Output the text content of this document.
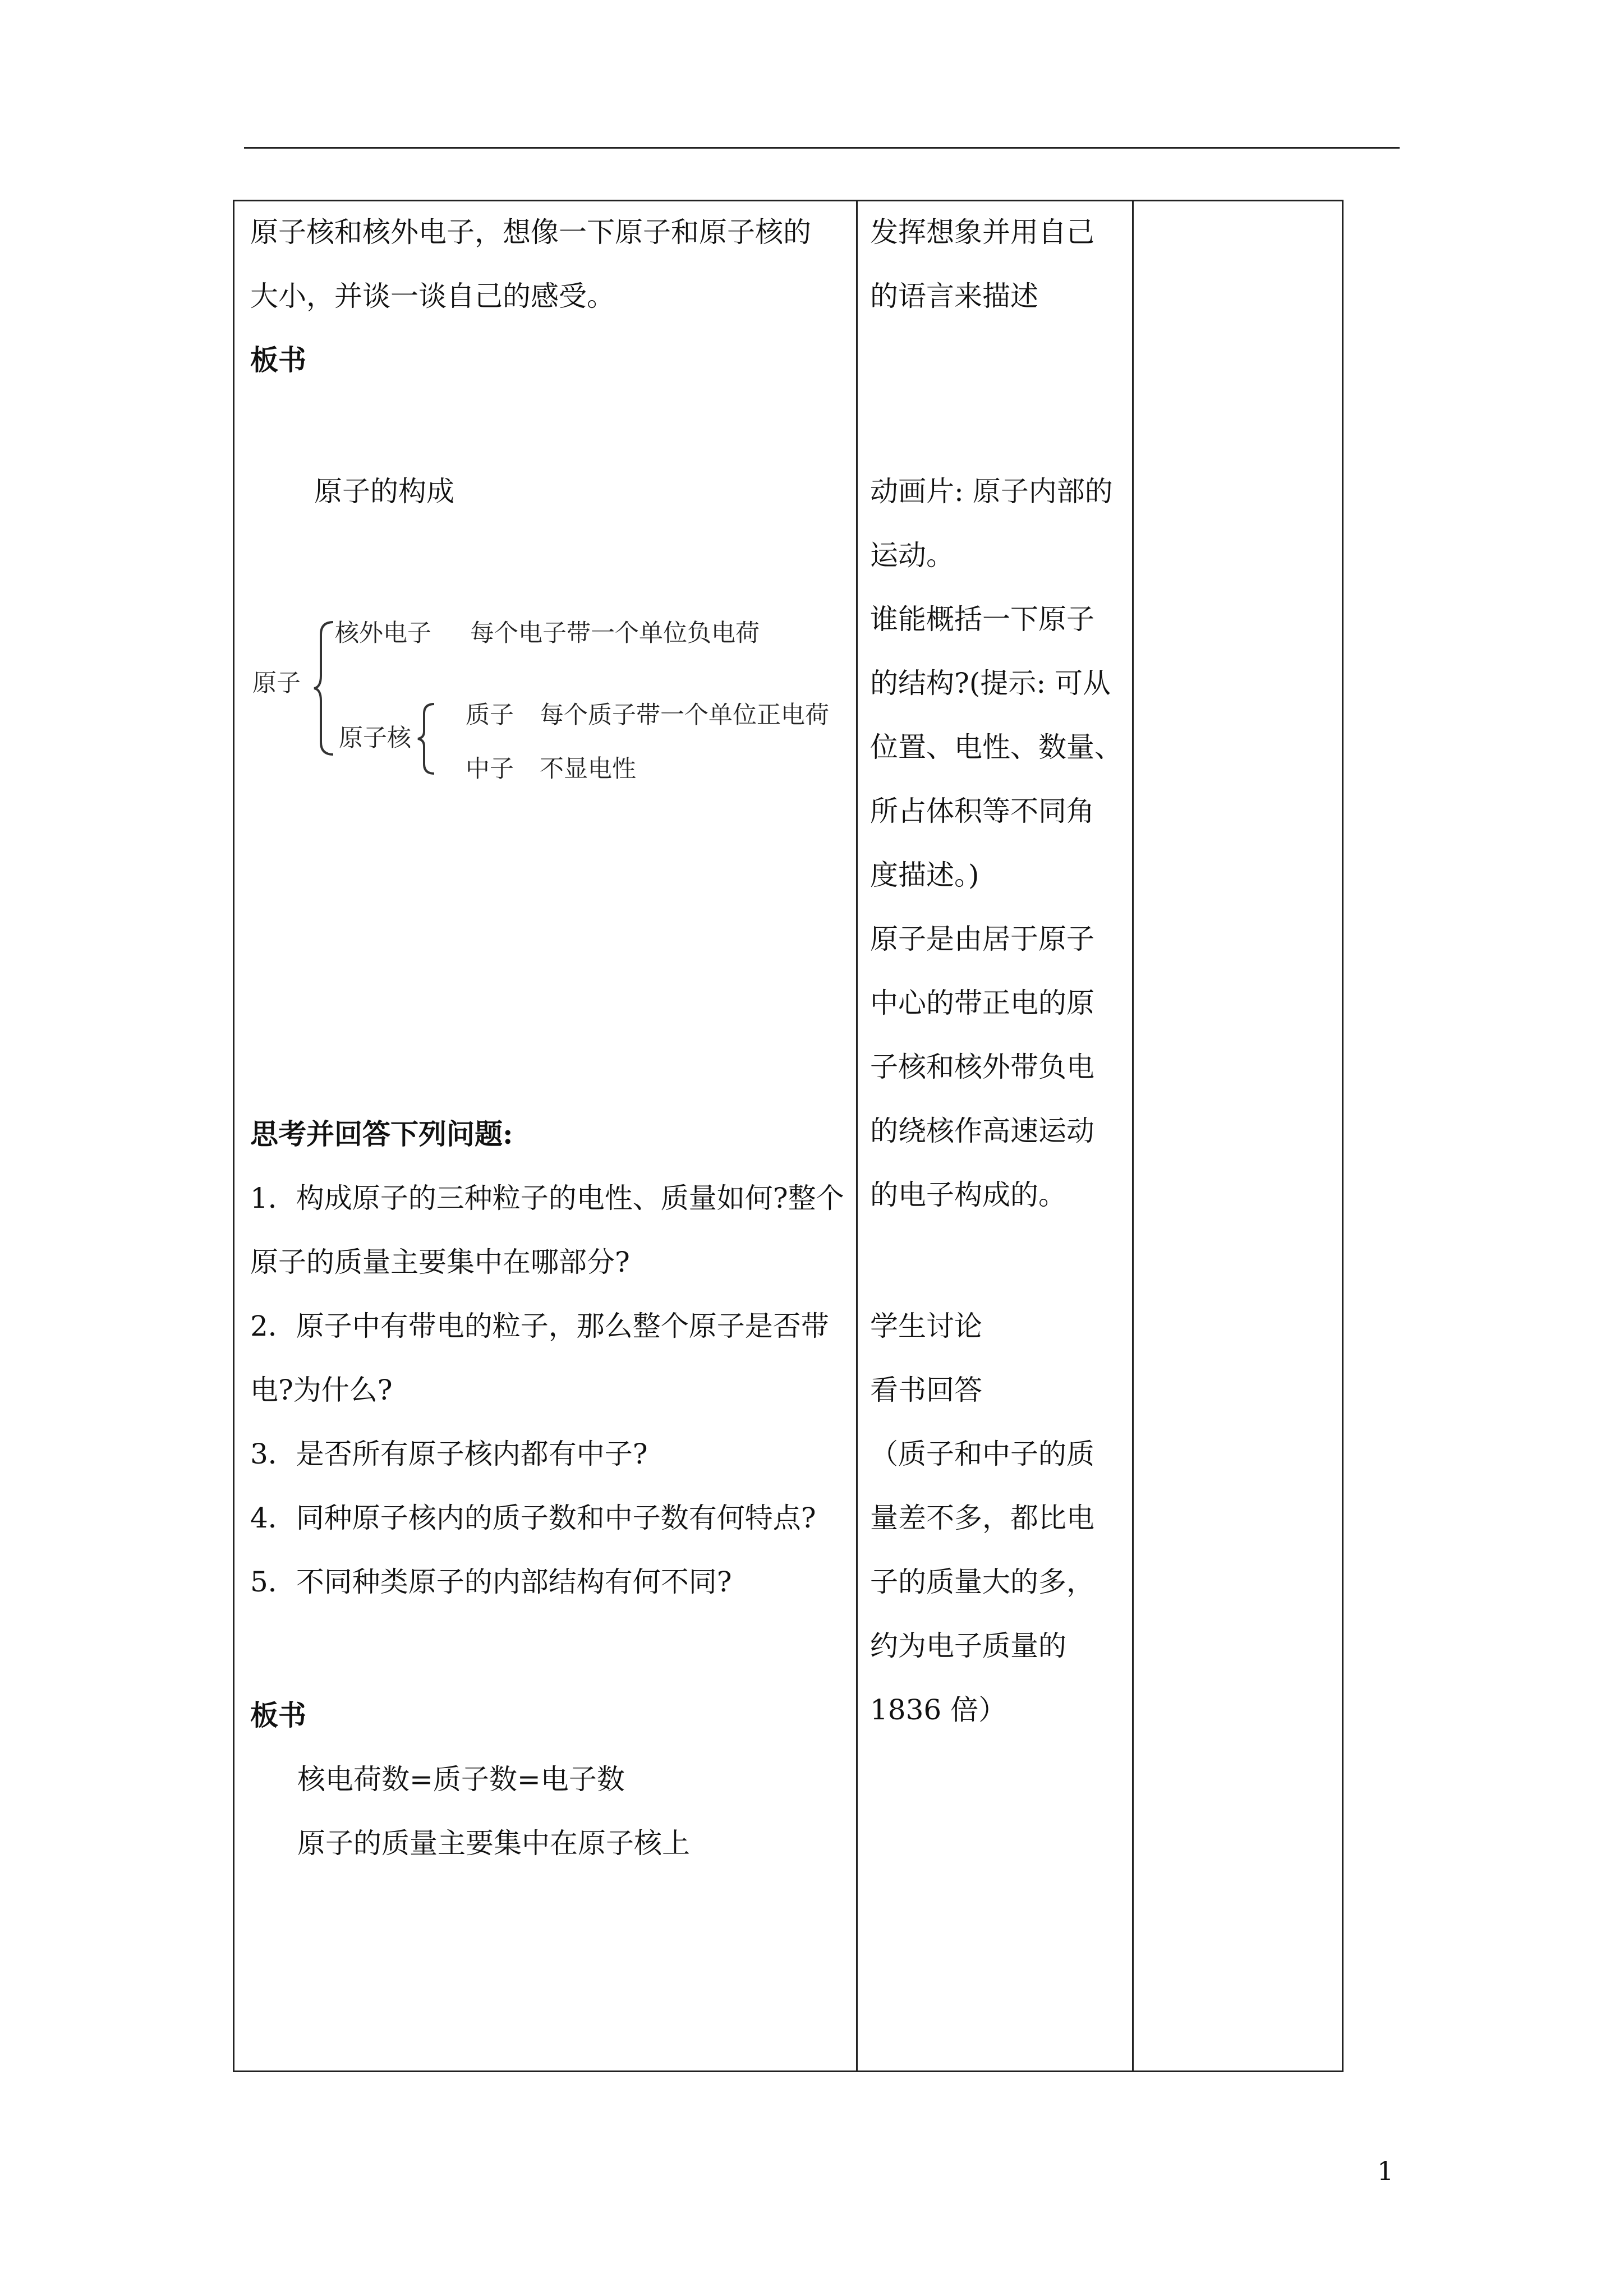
原子核和核外电子，想像一下原子和原子核的
大小，并谈一谈自己的感受。
板书
原子的构成
原子
核外电子 每个电子带一个单位负电荷
原子核
质子 每个质子带一个单位正电荷
中子 不显电性
思考并回答下列问题:
1．构成原子的三种粒子的电性、质量如何?整个
原子的质量主要集中在哪部分?
2．原子中有带电的粒子，那么整个原子是否带
电?为什么?
3．是否所有原子核内都有中子?
4．同种原子核内的质子数和中子数有何特点?
5．不同种类原子的内部结构有何不同?
板书
核电荷数=质子数=电子数
原子的质量主要集中在原子核上
发挥想象并用自己
的语言来描述
动画片: 原子内部的
运动。
谁能概括一下原子
的结构?(提示: 可从
位置、电性、数量、
所占体积等不同角
度描述。)
原子是由居于原子
中心的带正电的原
子核和核外带负电
的绕核作高速运动
的电子构成的。
学生讨论
看书回答
（质子和中子的质
量差不多，都比电
子的质量大的多，
约为电子质量的
1836 倍）
1
